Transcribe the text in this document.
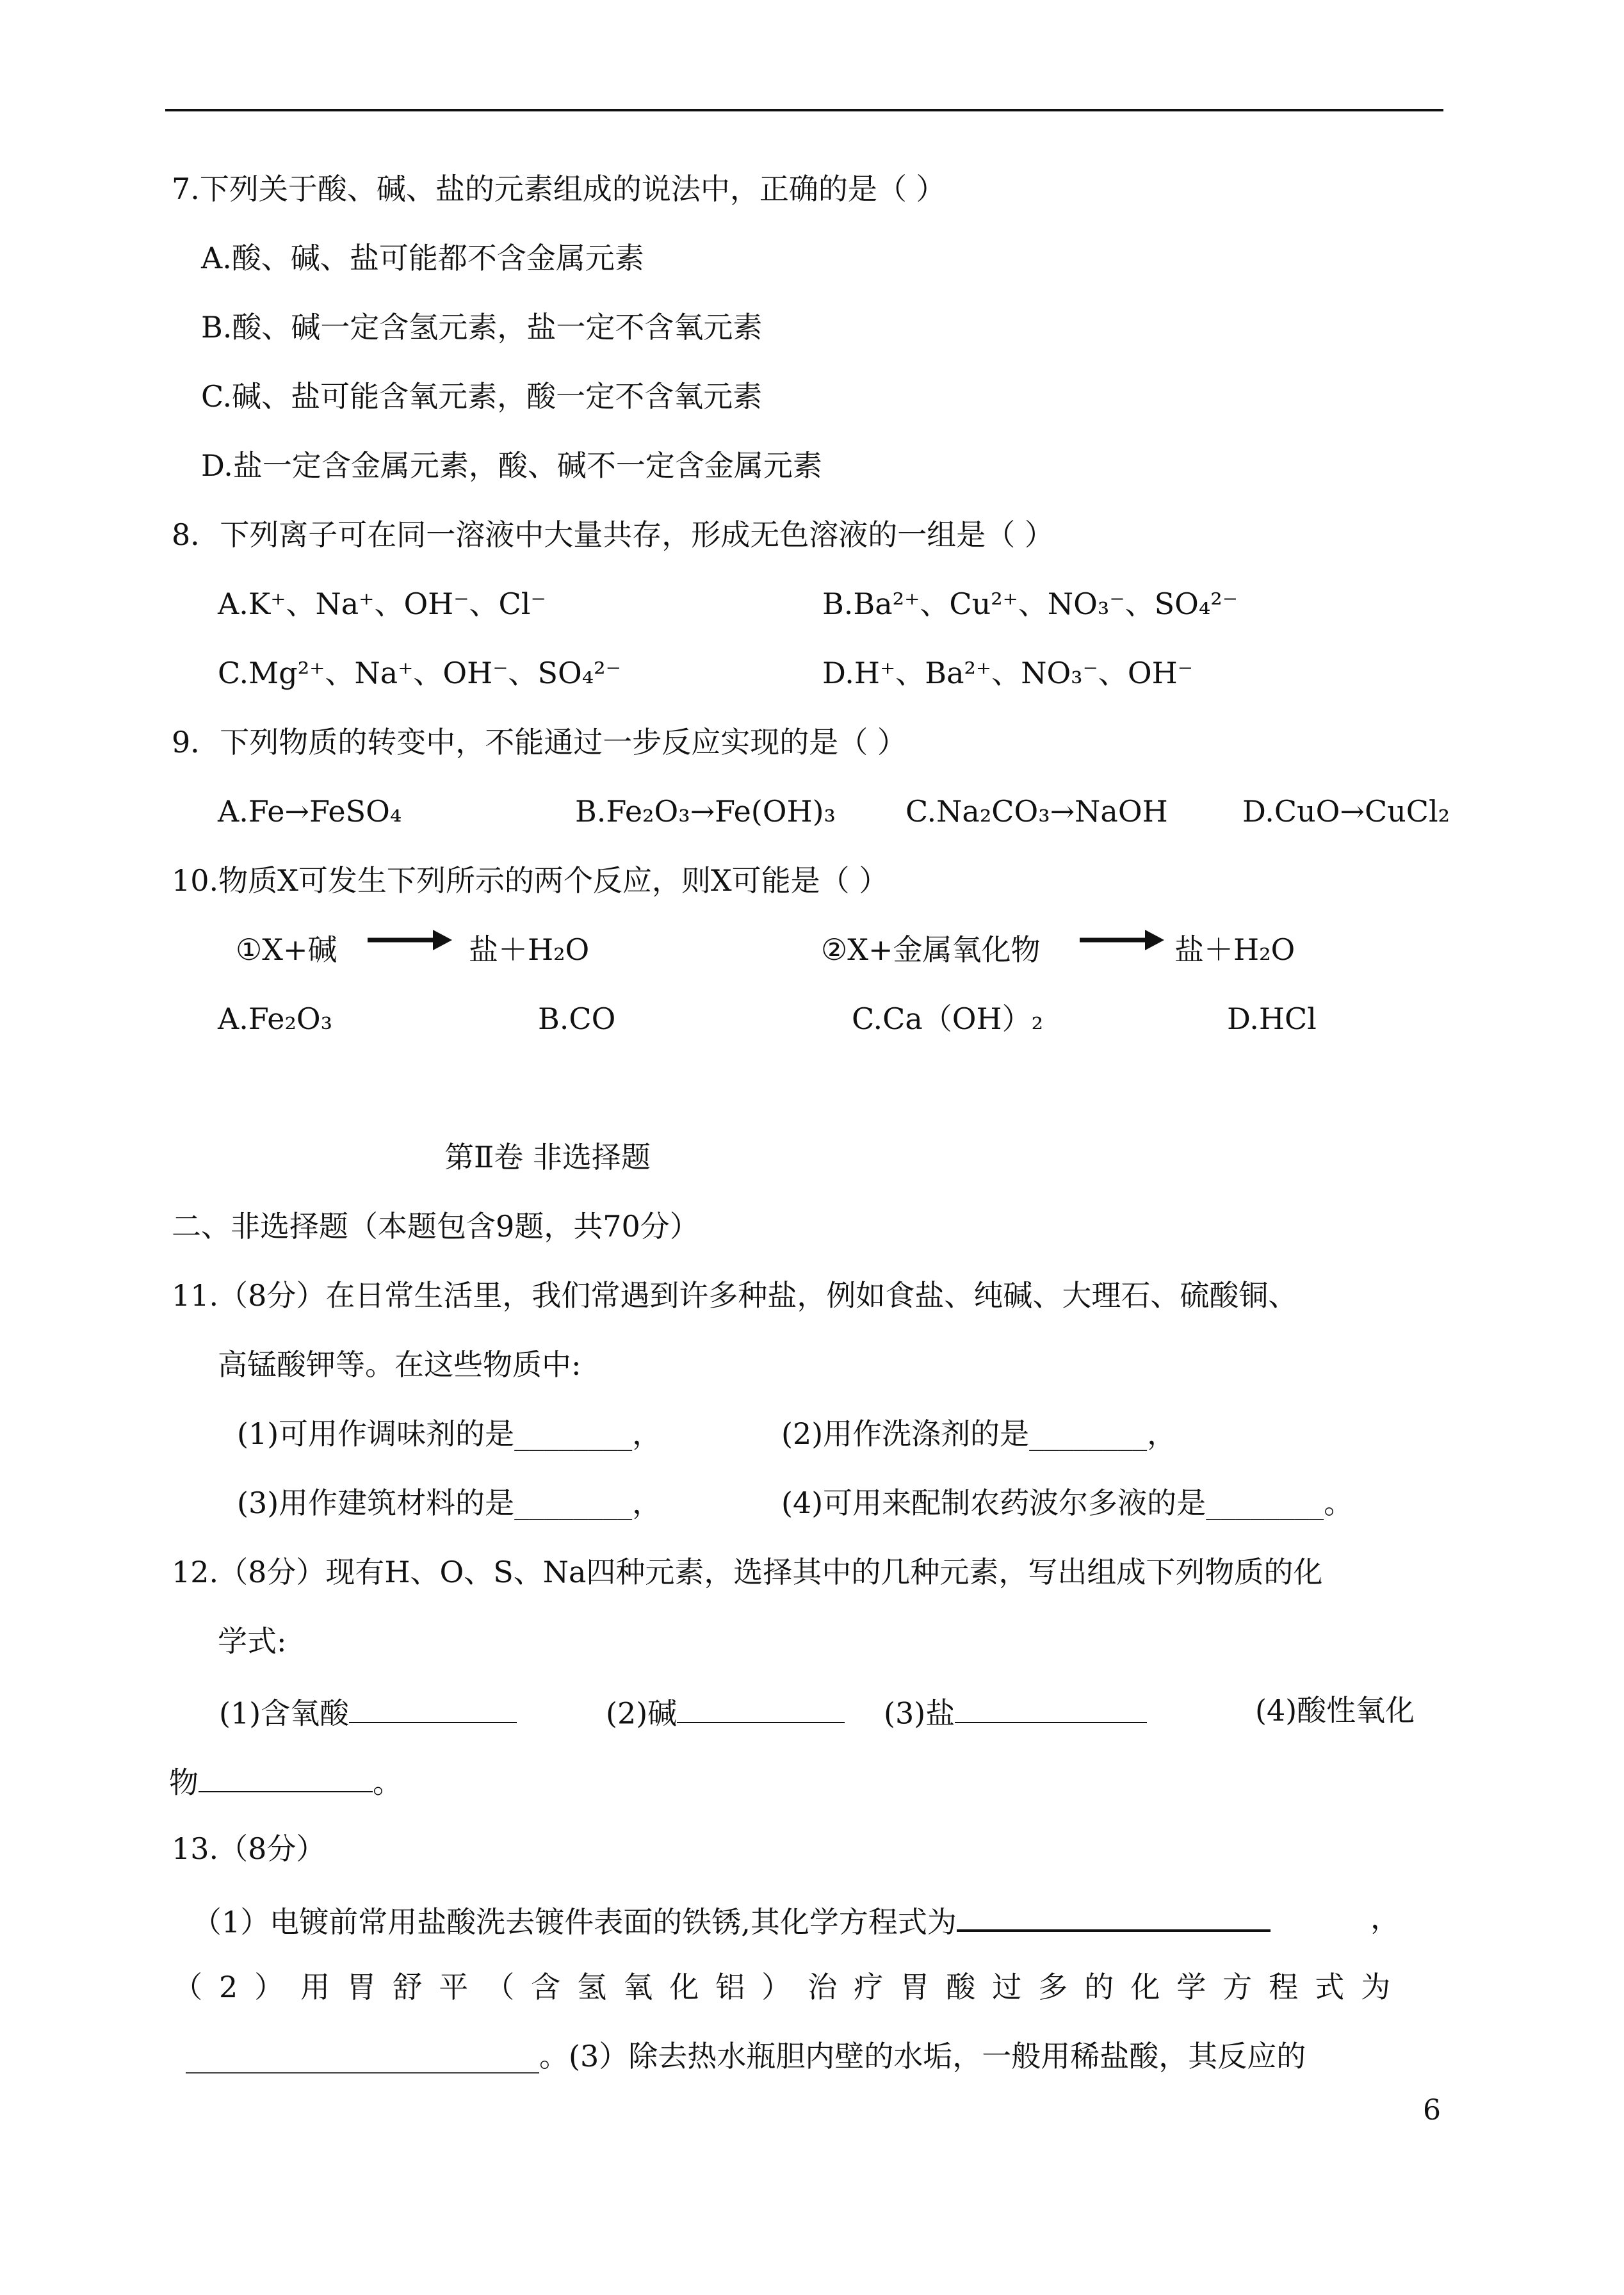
7.下列关于酸、碱、盐的元素组成的说法中，正确的是（ ）
A.酸、碱、盐可能都不含金属元素
B.酸、碱一定含氢元素，盐一定不含氧元素
C.碱、盐可能含氧元素，酸一定不含氧元素
D.盐一定含金属元素，酸、碱不一定含金属元素
8．下列离子可在同一溶液中大量共存，形成无色溶液的一组是（ ）
A.K⁺、Na⁺、OH⁻、Cl⁻	B.Ba²⁺、Cu²⁺、NO₃⁻、SO₄²⁻
C.Mg²⁺、Na⁺、OH⁻、SO₄²⁻	D.H⁺、Ba²⁺、NO₃⁻、OH⁻
9．下列物质的转变中，不能通过一步反应实现的是（ ）
A.Fe→FeSO₄	B.Fe₂O₃→Fe(OH)₃ C.Na₂CO₃→NaOH	D.CuO→CuCl₂
10.物质X可发生下列所示的两个反应，则X可能是（ ）
①X+碱	盐＋H₂O	②X+金属氧化物	盐＋H₂O
A.Fe₂O₃	B.CO	C.Ca（OH）₂	D.HCl
第Ⅱ卷 非选择题
二、非选择题（本题包含9题，共70分）
11.（8分）在日常生活里，我们常遇到许多种盐，例如食盐、纯碱、大理石、硫酸铜、
高锰酸钾等。在这些物质中:
(1)可用作调味剂的是________，	(2)用作洗涤剂的是________，
(3)用作建筑材料的是________，	(4)可用来配制农药波尔多液的是________。
12.（8分）现有H、O、S、Na四种元素，选择其中的几种元素，写出组成下列物质的化
学式:
(1)含氧酸	(2)碱	(3)盐	(4)酸性氧化
物	。
13.（8分）
（1）电镀前常用盐酸洗去镀件表面的铁锈,其化学方程式为	，
（2）用胃舒平（含氢氧化铝）治疗胃酸过多的化学方程式为
________________________。(3）除去热水瓶胆内壁的水垢，一般用稀盐酸，其反应的
6
